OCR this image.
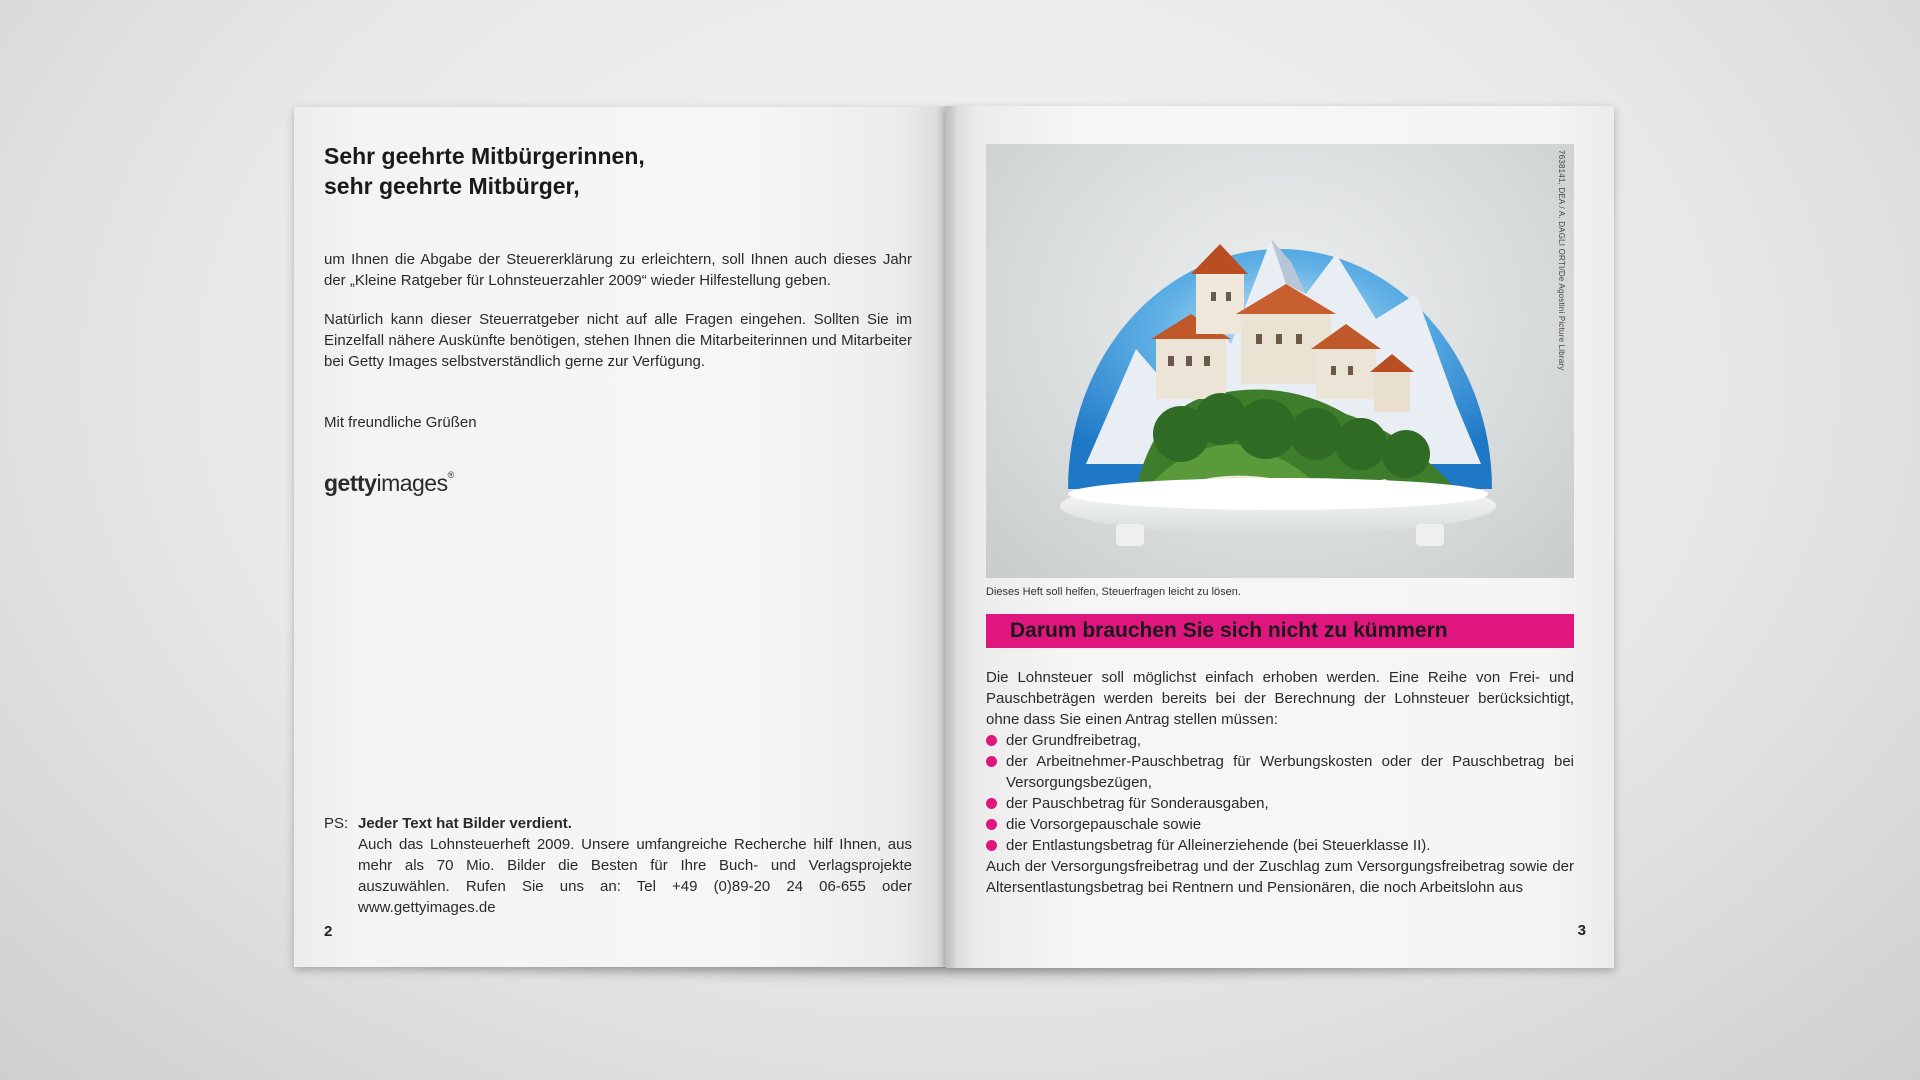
Sehr geehrte Mitbürgerinnen,
sehr geehrte Mitbürger,
um Ihnen die Abgabe der Steuererklärung zu erleichtern, soll Ihnen auch dieses Jahr der „Kleine Ratgeber für Lohnsteuerzahler 2009“ wieder Hilfestellung geben.
Natürlich kann dieser Steuerratgeber nicht auf alle Fragen eingehen. Sollten Sie im Einzelfall nähere Auskünfte benötigen, stehen Ihnen die Mitarbeiterinnen und Mitarbeiter bei Getty Images selbstverständlich gerne zur Verfügung.
Mit freundliche Grüßen
gettyimages®
PS: Jeder Text hat Bilder verdient.
Auch das Lohnsteuerheft 2009. Unsere umfangreiche Recherche hilf Ihnen, aus mehr als 70 Mio. Bilder die Besten für Ihre Buch- und Verlagsprojekte auszuwählen. Rufen Sie uns an: Tel +49 (0)89-20 24 06-655 oder www.gettyimages.de
2
7638141, DEA / A. DAGLI ORTI/De Agostini Picture Library
Dieses Heft soll helfen, Steuerfragen leicht zu lösen.
Darum brauchen Sie sich nicht zu kümmern
Die Lohnsteuer soll möglichst einfach erhoben werden. Eine Reihe von Frei- und Pauschbeträgen werden bereits bei der Berechnung der Lohnsteuer berücksichtigt, ohne dass Sie einen Antrag stellen müssen:
der Grundfreibetrag,
der Arbeitnehmer-Pauschbetrag für Werbungskosten oder der Pauschbetrag bei Versorgungsbezügen,
der Pauschbetrag für Sonderausgaben,
die Vorsorgepauschale sowie
der Entlastungsbetrag für Alleinerziehende (bei Steuerklasse II).
Auch der Versorgungsfreibetrag und der Zuschlag zum Versorgungsfreibetrag sowie der Altersentlastungsbetrag bei Rentnern und Pensionären, die noch Arbeitslohn aus
3
